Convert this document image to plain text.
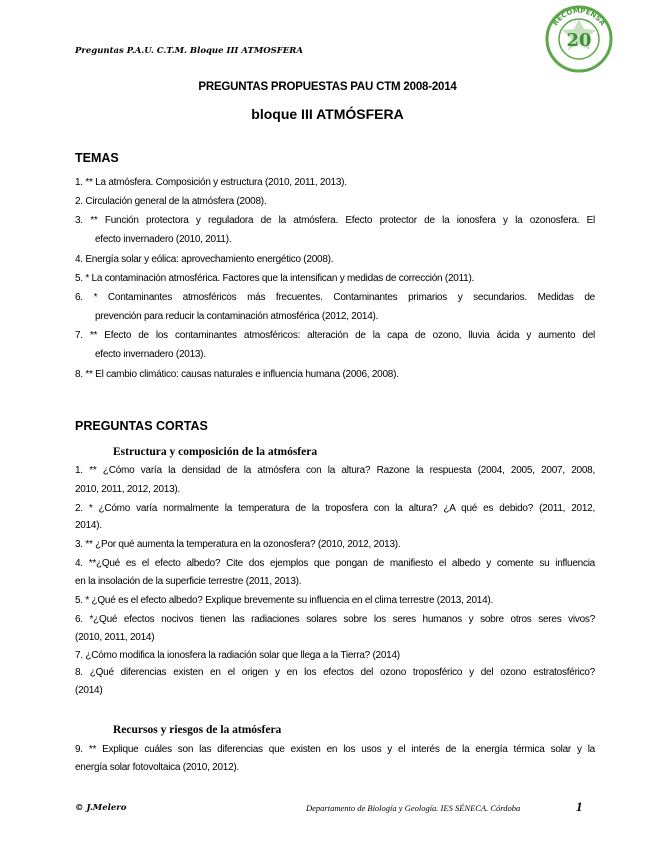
Preguntas P.A.U. C.T.M. Bloque III ATMOSFERA	20
RECOMPENSA
PREGUNTAS PROPUESTAS PAU CTM 2008-2014
bloque III ATMÓSFERA
TEMAS
1. ** La atmósfera. Composición y estructura (2010, 2011, 2013).
2. Circulación general de la atmósfera (2008).
3. ** Función protectora y reguladora de la atmósfera. Efecto protector de la ionosfera y la ozonosfera. El
efecto invernadero (2010, 2011).
4. Energía solar y eólica: aprovechamiento energético (2008).
5. * La contaminación atmosférica. Factores que la intensifican y medidas de corrección (2011).
6. * Contaminantes atmosféricos más frecuentes. Contaminantes primarios y secundarios. Medidas de
prevención para reducir la contaminación atmosférica (2012, 2014).
7. ** Efecto de los contaminantes atmosféricos: alteración de la capa de ozono, lluvia ácida y aumento del
efecto invernadero (2013).
8. ** El cambio climático: causas naturales e influencia humana (2006, 2008).
PREGUNTAS CORTAS
Estructura y composición de la atmósfera
1. ** ¿Cómo varía la densidad de la atmósfera con la altura? Razone la respuesta (2004, 2005, 2007, 2008,
2010, 2011, 2012, 2013).
2. * ¿Cómo varía normalmente la temperatura de la troposfera con la altura? ¿A qué es debido? (2011, 2012,
2014).
3. ** ¿Por qué aumenta la temperatura en la ozonosfera? (2010, 2012, 2013).
4. **¿Qué es el efecto albedo? Cite dos ejemplos que pongan de manifiesto el albedo y comente su influencia
en la insolación de la superficie terrestre (2011, 2013).
5. * ¿Qué es el efecto albedo? Explique brevemente su influencia en el clima terrestre (2013, 2014).
6. *¿Qué efectos nocivos tienen las radiaciones solares sobre los seres humanos y sobre otros seres vivos?
(2010, 2011, 2014)
7. ¿Cómo modifica la ionosfera la radiación solar que llega a la Tierra? (2014)
8. ¿Qué diferencias existen en el origen y en los efectos del ozono troposférico y del ozono estratosférico?
(2014)
Recursos y riesgos de la atmósfera
9. ** Explique cuáles son las diferencias que existen en los usos y el interés de la energía térmica solar y la
energía solar fotovoltaica (2010, 2012).
© J.Melero	Departamento de Biología y Geología. IES SÉNECA. Córdoba	1
